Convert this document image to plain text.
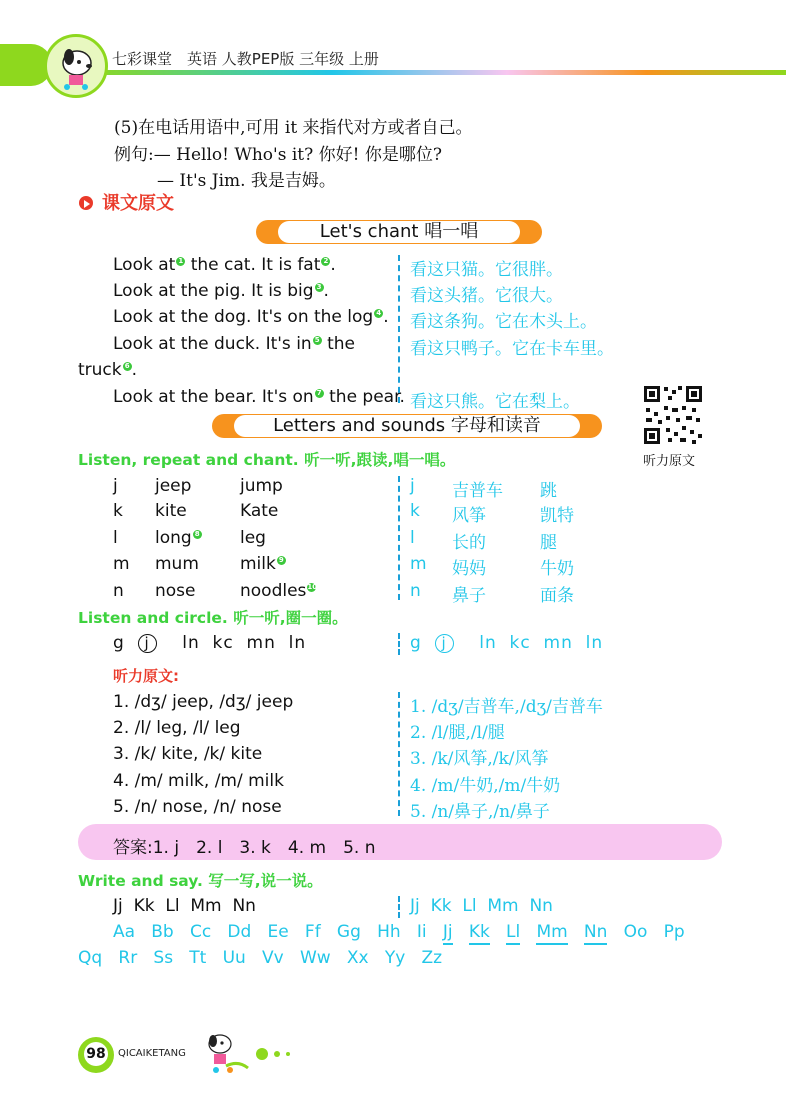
七彩课堂　英语 人教PEP版 三年级 上册
(5)在电话用语中,可用 it 来指代对方或者自己。
例句:— Hello! Who's it? 你好! 你是哪位?
— It's Jim. 我是吉姆。
课文原文
Let's chant 唱一唱
Look at 1 the cat. It is fat 2 .
Look at the pig. It is big 3 .
Look at the dog. It's on the log 4 .
Look at the duck. It's in 5 the
truck 6 .
Look at the bear. It's on 7 the pear.
看这只猫。它很胖。
看这头猪。它很大。
看这条狗。它在木头上。
看这只鸭子。它在卡车里。
看这只熊。它在梨上。
听力原文
Letters and sounds 字母和读音
Listen, repeat and chant. 听一听,跟读,唱一唱。
j jeep	jump
k kite	Kate
l long 8 leg
m mum milk 9
n nose	noodles10
j 吉普车 跳
k 风筝	凯特
l 长的	腿
m 妈妈	牛奶
n 鼻子	面条
Listen and circle. 听一听,圈一圈。
g j ln  kc  mn  ln	g j ln  kc  mn  ln
听力原文:
1. /dʒ/ jeep, /dʒ/ jeep
2. /l/ leg, /l/ leg
3. /k/ kite, /k/ kite
4. /m/ milk, /m/ milk
5. /n/ nose, /n/ nose
1. /dʒ/吉普车,/dʒ/吉普车
2. /l/腿,/l/腿
3. /k/风筝,/k/风筝
4. /m/牛奶,/m/牛奶
5. /n/鼻子,/n/鼻子
答案:1. j　2. l　3. k　4. m　5. n
Write and say. 写一写,说一说。
Jj Kk Ll Mm Nn	Jj Kk Ll Mm Nn
Aa Bb Cc Dd Ee Ff Gg Hh Ii Jj Kk Ll Mm Nn Oo Pp
Qq Rr Ss Tt Uu Vv Ww Xx Yy Zz
98 QICAIKETANG
